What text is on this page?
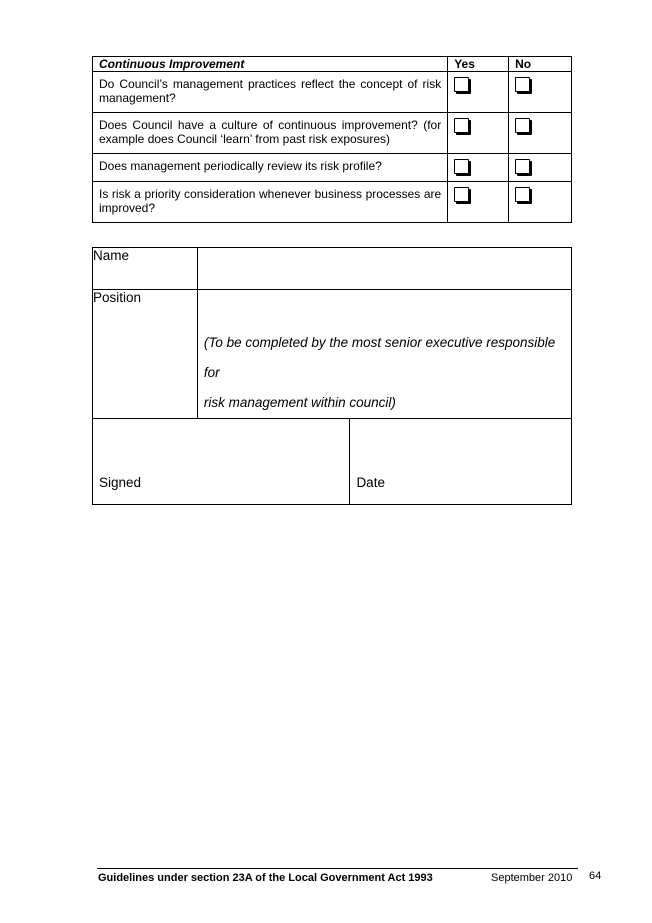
Continuous Improvement	Yes	No
Do Council’s management practices reflect the concept of risk management?	

Does Council have a culture of continuous improvement? (for example does Council ‘learn’ from past risk exposures)	

Does management periodically review its risk profile?	

Is risk a priority consideration whenever business processes are improved?	

Name		
Position	(To be completed by the most senior executive responsible for
risk management within council)	

Signed		Date
Guidelines under section 23A of the Local Government Act 1993	September 2010 64
